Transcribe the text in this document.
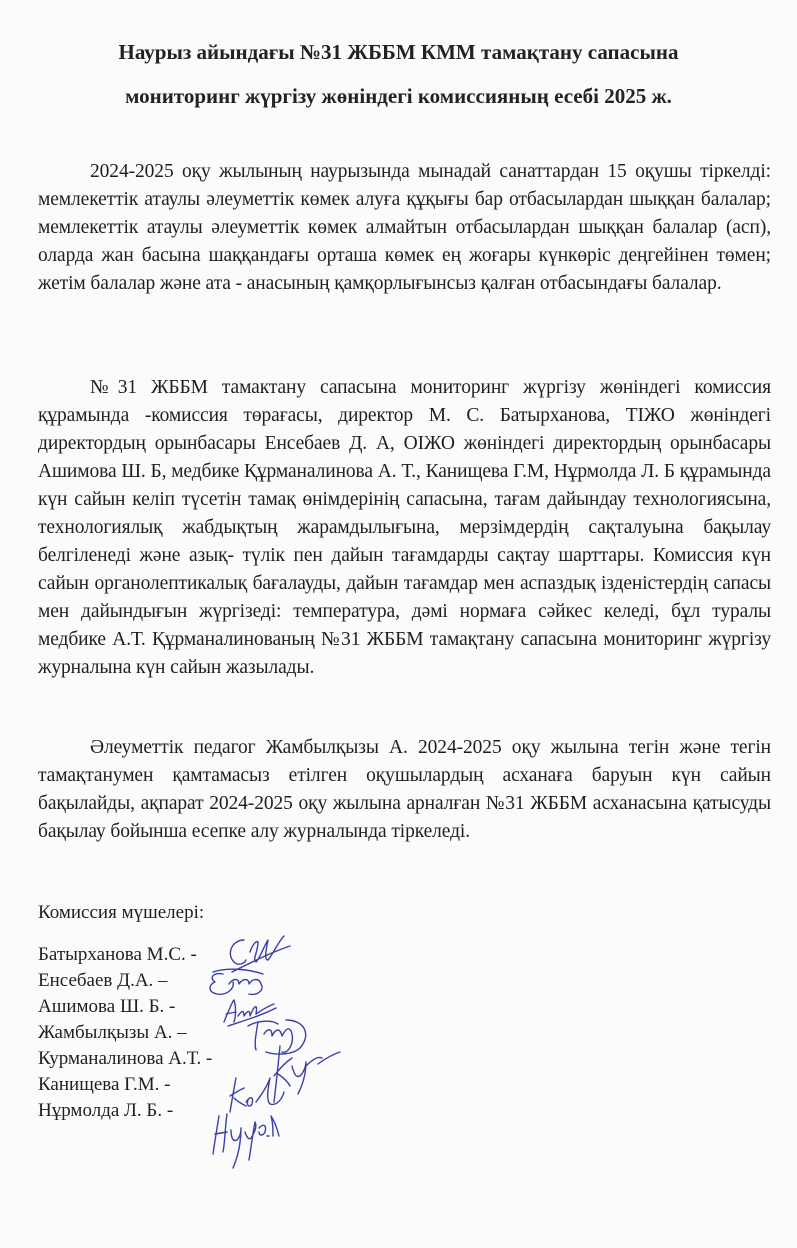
Наурыз айындағы №31 ЖББМ КММ тамақтану сапасына
мониторинг жүргізу жөніндегі комиссияның есебі 2025 ж.
2024-2025 оқу жылының наурызында мынадай санаттардан 15 оқушы тіркелді: мемлекеттік атаулы әлеуметтік көмек алуға құқығы бар отбасылардан шыққан балалар; мемлекеттік атаулы әлеуметтік көмек алмайтын отбасылардан шыққан балалар (асп), оларда жан басына шаққандағы орташа көмек ең жоғары күнкөріс деңгейінен төмен; жетім балалар және ата - анасының қамқорлығынсыз қалған отбасындағы балалар.
№31 ЖББМ тамактану сапасына мониторинг жүргізу жөніндегі комиссия құрамында -комиссия төрағасы, директор М. С. Батырханова, ТІЖО жөніндегі директордың орынбасары Енсебаев Д. А, ОІЖО жөніндегі директордың орынбасары Ашимова Ш. Б, медбике Құрманалинова А. Т., Канищева Г.М, Нұрмолда Л. Б құрамында күн сайын келіп түсетін тамақ өнімдерінің сапасына, тағам дайындау технологиясына, технологиялық жабдықтың жарамдылығына, мерзімдердің сақталуына бақылау белгіленеді және азық- түлік пен дайын тағамдарды сақтау шарттары. Комиссия күн сайын органолептикалық бағалауды, дайын тағамдар мен аспаздық ізденістердің сапасы мен дайындығын жүргізеді: температура, дәмі нормаға сәйкес келеді, бұл туралы медбике А.Т. Құрманалинованың №31 ЖББМ тамақтану сапасына мониторинг жүргізу журналына күн сайын жазылады.
Әлеуметтік педагог Жамбылқызы А. 2024-2025 оқу жылына тегін және тегін тамақтанумен қамтамасыз етілген оқушылардың асханаға баруын күн сайын бақылайды, ақпарат 2024-2025 оқу жылына арналған №31 ЖББМ асханасына қатысуды бақылау бойынша есепке алу журналында тіркеледі.
Комиссия мүшелері:
Батырханова М.С. -
Енсебаев Д.А. –
Ашимова Ш. Б. -
Жамбылқызы А. –
Курманалинова А.Т. -
Канищева Г.М. -
Нұрмолда Л. Б. -
